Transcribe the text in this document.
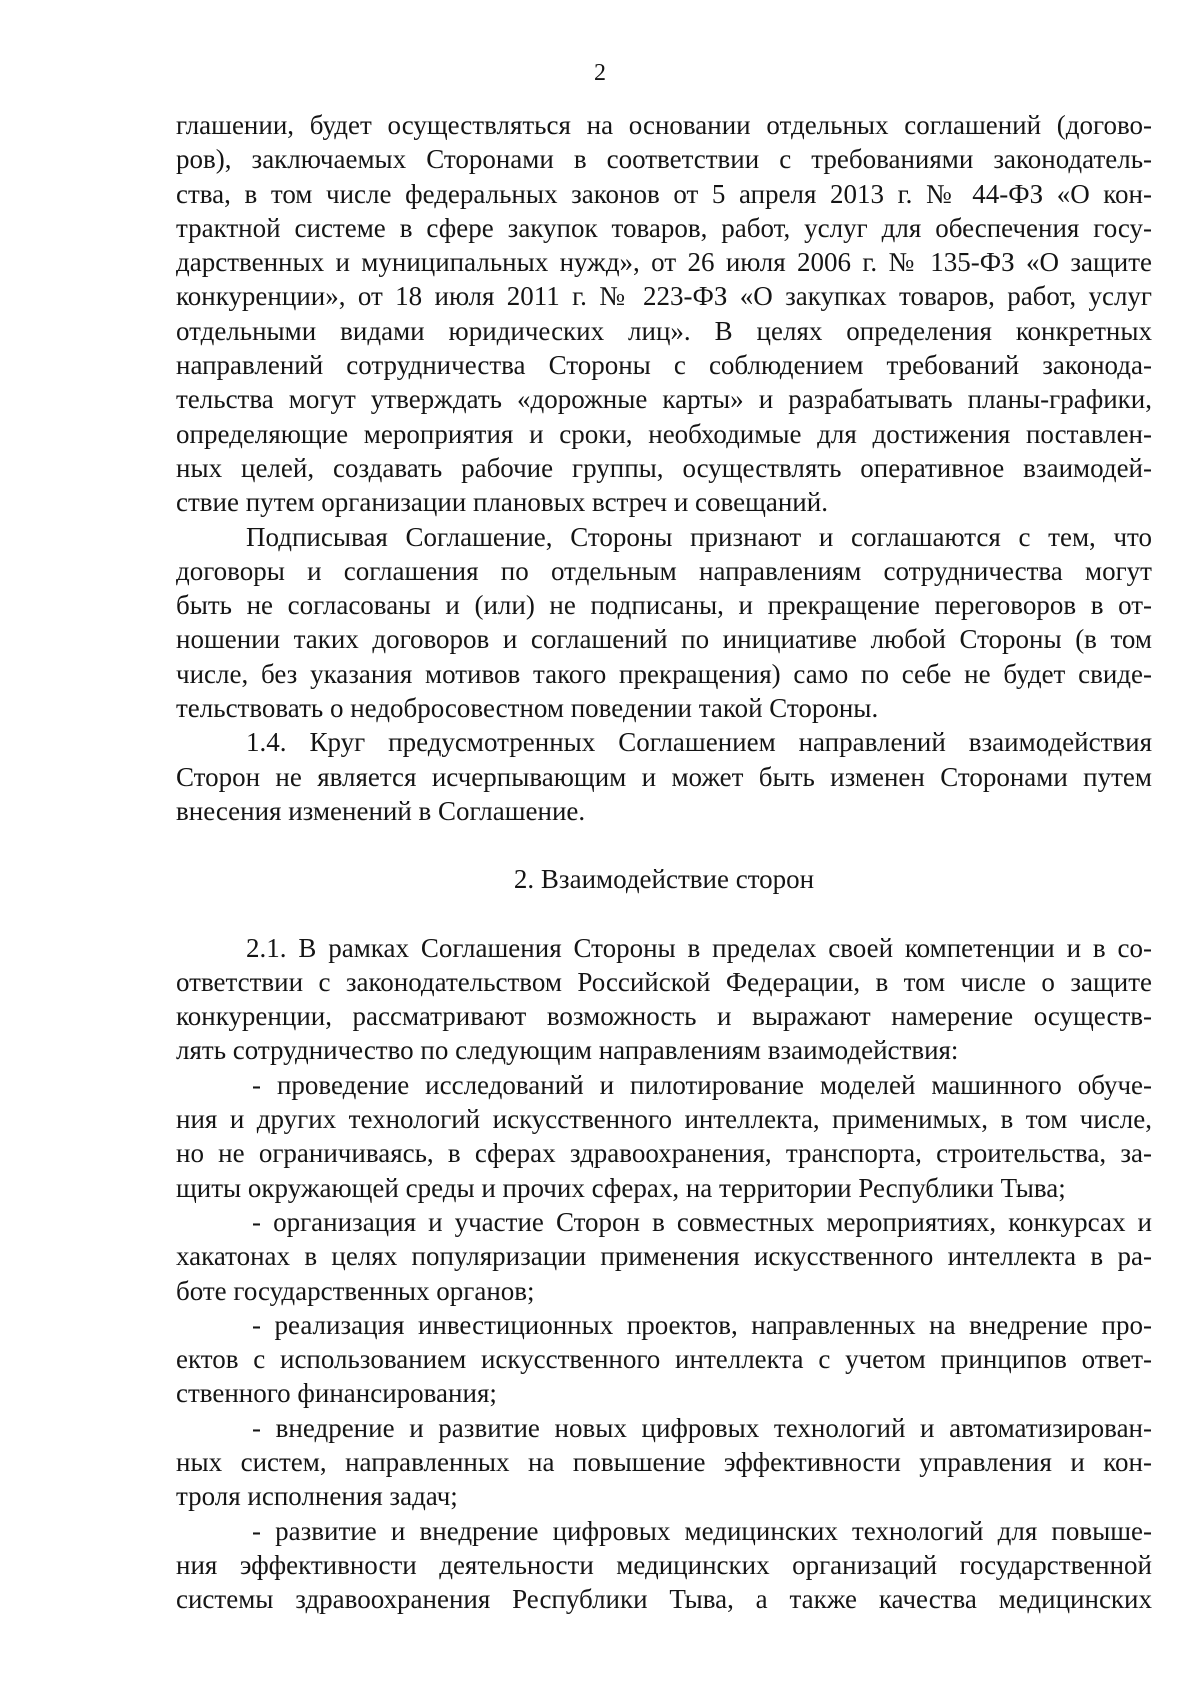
2
глашении, будет осуществляться на основании отдельных соглашений (догово-
ров), заключаемых Сторонами в соответствии с требованиями законодатель-
ства, в том числе федеральных законов от 5 апреля 2013 г. № 44-ФЗ «О кон-
трактной системе в сфере закупок товаров, работ, услуг для обеспечения госу-
дарственных и муниципальных нужд», от 26 июля 2006 г. № 135-ФЗ «О защите
конкуренции», от 18 июля 2011 г. № 223-ФЗ «О закупках товаров, работ, услуг
отдельными видами юридических лиц». В целях определения конкретных
направлений сотрудничества Стороны с соблюдением требований законода-
тельства могут утверждать «дорожные карты» и разрабатывать планы-графики,
определяющие мероприятия и сроки, необходимые для достижения поставлен-
ных целей, создавать рабочие группы, осуществлять оперативное взаимодей-
ствие путем организации плановых встреч и совещаний.
Подписывая Соглашение, Стороны признают и соглашаются с тем, что
договоры и соглашения по отдельным направлениям сотрудничества могут
быть не согласованы и (или) не подписаны, и прекращение переговоров в от-
ношении таких договоров и соглашений по инициативе любой Стороны (в том
числе, без указания мотивов такого прекращения) само по себе не будет свиде-
тельствовать о недобросовестном поведении такой Стороны.
1.4. Круг предусмотренных Соглашением направлений взаимодействия
Сторон не является исчерпывающим и может быть изменен Сторонами путем
внесения изменений в Соглашение.
2. Взаимодействие сторон
2.1. В рамках Соглашения Стороны в пределах своей компетенции и в со-
ответствии с законодательством Российской Федерации, в том числе о защите
конкуренции, рассматривают возможность и выражают намерение осуществ-
лять сотрудничество по следующим направлениям взаимодействия:
- проведение исследований и пилотирование моделей машинного обуче-
ния и других технологий искусственного интеллекта, применимых, в том числе,
но не ограничиваясь, в сферах здравоохранения, транспорта, строительства, за-
щиты окружающей среды и прочих сферах, на территории Республики Тыва;
- организация и участие Сторон в совместных мероприятиях, конкурсах и
хакатонах в целях популяризации применения искусственного интеллекта в ра-
боте государственных органов;
- реализация инвестиционных проектов, направленных на внедрение про-
ектов с использованием искусственного интеллекта с учетом принципов ответ-
ственного финансирования;
- внедрение и развитие новых цифровых технологий и автоматизирован-
ных систем, направленных на повышение эффективности управления и кон-
троля исполнения задач;
- развитие и внедрение цифровых медицинских технологий для повыше-
ния эффективности деятельности медицинских организаций государственной
системы здравоохранения Республики Тыва, а также качества медицинских
